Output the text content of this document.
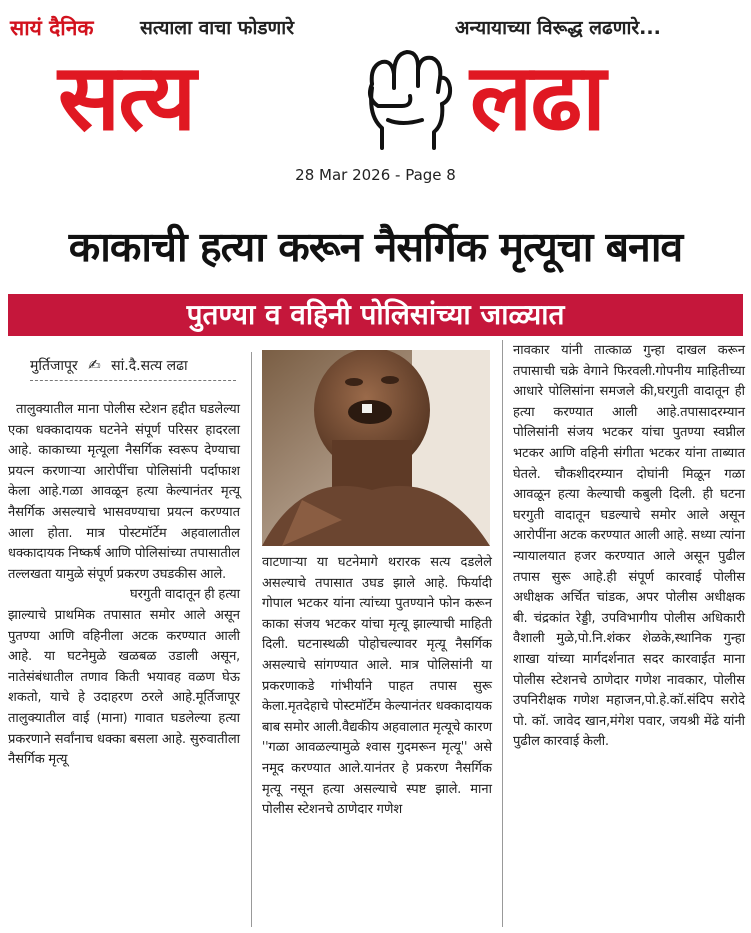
सायं दैनिक सत्याला वाचा फोडणारे	अन्यायाच्या विरूद्ध लढणारे...
सत्य	लढा
28 Mar 2026 - Page 8
काकाची हत्या करून नैसर्गिक मृत्यूचा बनाव
पुतण्या व वहिनी पोलिसांच्या जाळ्यात
मुर्तिजापूर ✍ सां.दै.सत्य लढा

तालुक्यातील माना पोलीस स्टेशन हद्दीत घडलेल्या एका धक्कादायक घटनेने संपूर्ण परिसर हादरला आहे. काकाच्या मृत्यूला नैसर्गिक स्वरूप देण्याचा प्रयत्न करणाऱ्या आरोपींचा पोलिसांनी पर्दाफाश केला आहे.गळा आवळून हत्या केल्यानंतर मृत्यू नैसर्गिक असल्याचे भासवण्याचा प्रयत्न करण्यात आला होता. मात्र पोस्टमॉर्टेम अहवालातील धक्कादायक निष्कर्ष आणि पोलिसांच्या तपासातील तल्लखता यामुळे संपूर्ण प्रकरण उघडकीस आले.

घरगुती वादातून ही हत्या झाल्याचे प्राथमिक तपासात समोर आले असून पुतण्या आणि वहिनीला अटक करण्यात आली आहे. या घटनेमुळे खळबळ उडाली असून, नातेसंबंधातील तणाव किती भयावह वळण घेऊ शकतो, याचे हे उदाहरण ठरले आहे.मूर्तिजापूर तालुक्यातील वाई (माना) गावात घडलेल्या हत्या प्रकरणाने सर्वांनाच धक्का बसला आहे. सुरुवातीला नैसर्गिक मृत्यू

वाटणाऱ्या या घटनेमागे थरारक सत्य दडलेले असल्याचे तपासात उघड झाले आहे. फिर्यादी गोपाल भटकर यांना त्यांच्या पुतण्याने फोन करून काका संजय भटकर यांचा मृत्यू झाल्याची माहिती दिली. घटनास्थळी पोहोचल्यावर मृत्यू नैसर्गिक असल्याचे सांगण्यात आले. मात्र पोलिसांनी या प्रकरणाकडे गांभीर्याने पाहत तपास सुरू केला.मृतदेहाचे पोस्टमॉर्टेम केल्यानंतर धक्कादायक बाब समोर आली.वैद्यकीय अहवालात मृत्यूचे कारण ''गळा आवळल्यामुळे श्वास गुदमरून मृत्यू'' असे नमूद करण्यात आले.यानंतर हे प्रकरण नैसर्गिक मृत्यू नसून हत्या असल्याचे स्पष्ट झाले. माना पोलीस स्टेशनचे ठाणेदार गणेश
नावकार यांनी तात्काळ गुन्हा दाखल करून तपासाची चक्रे वेगाने फिरवली.गोपनीय माहितीच्या आधारे पोलिसांना समजले की,घरगुती वादातून ही हत्या करण्यात आली आहे.तपासादरम्यान पोलिसांनी संजय भटकर यांचा पुतण्या स्वप्नील भटकर आणि वहिनी संगीता भटकर यांना ताब्यात घेतले. चौकशीदरम्यान दोघांनी मिळून गळा आवळून हत्या केल्याची कबुली दिली. ही घटना घरगुती वादातून घडल्याचे समोर आले असून आरोपींना अटक करण्यात आली आहे. सध्या त्यांना न्यायालयात हजर करण्यात आले असून पुढील तपास सुरू आहे.ही संपूर्ण कारवाई पोलीस अधीक्षक अर्चित चांडक, अपर पोलीस अधीक्षक बी. चंद्रकांत रेड्डी, उपविभागीय पोलीस अधिकारी वैशाली मुळे,पो.नि.शंकर शेळके,स्थानिक गुन्हा शाखा यांच्या मार्गदर्शनात सदर कारवाईत माना पोलीस स्टेशनचे ठाणेदार गणेश नावकार, पोलीस उपनिरीक्षक गणेश महाजन,पो.हे.कॉ.संदिप सरोदे पो. कॉ. जावेद खान,मंगेश पवार, जयश्री मेंढे यांनी पुढील कारवाई केली.
